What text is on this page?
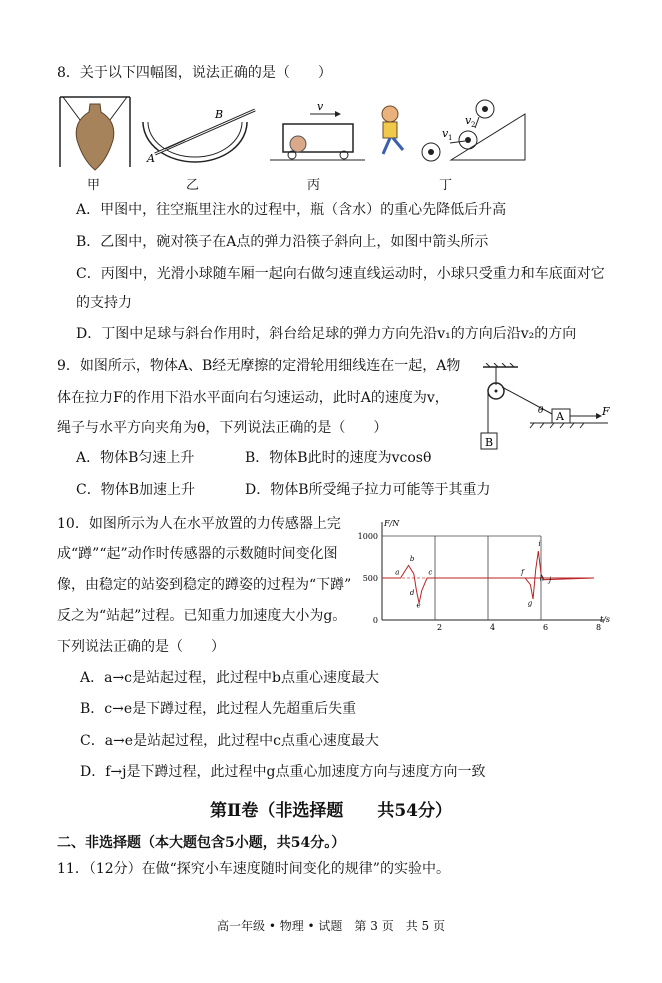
8．关于以下四幅图，说法正确的是（　　）
A
B
v
v 1
v 2
甲	乙	丙	丁
A．甲图中，往空瓶里注水的过程中，瓶（含水）的重心先降低后升高
B．乙图中，碗对筷子在A点的弹力沿筷子斜向上，如图中箭头所示
C．丙图中，光滑小球随车厢一起向右做匀速直线运动时，小球只受重力和车底面对它
的支持力
D．丁图中足球与斜台作用时，斜台给足球的弹力方向先沿v₁的方向后沿v₂的方向
9．如图所示，物体A、B经无摩擦的定滑轮用细线连在一起，A物
体在拉力F的作用下沿水平面向右匀速运动，此时A的速度为v，
绳子与水平方向夹角为θ，下列说法正确的是（　　）
B
A
θ	F
A．物体B匀速上升	B．物体B此时的速度为vcosθ
C．物体B加速上升	D．物体B所受绳子拉力可能等于其重力
10．如图所示为人在水平放置的力传感器上完
成“蹲”“起”动作时传感器的示数随时间变化图
像，由稳定的站姿到稳定的蹲姿的过程为“下蹲”
反之为“站起”过程。已知重力加速度大小为g。
下列说法正确的是（　　）
1000
500
0
2	4	6	8
F/N
t/s
a
b
c
d
e
f
i
h
g
j
A．a→c是站起过程，此过程中b点重心速度最大
B．c→e是下蹲过程，此过程人先超重后失重
C．a→e是站起过程，此过程中c点重心速度最大
D．f→j是下蹲过程，此过程中g点重心加速度方向与速度方向一致
第Ⅱ卷（非选择题　　共54分）
二、非选择题（本大题包含5小题，共54分。）
11．（12分）在做“探究小车速度随时间变化的规律”的实验中。
高一年级 • 物理 • 试题　第 3 页　共 5 页
